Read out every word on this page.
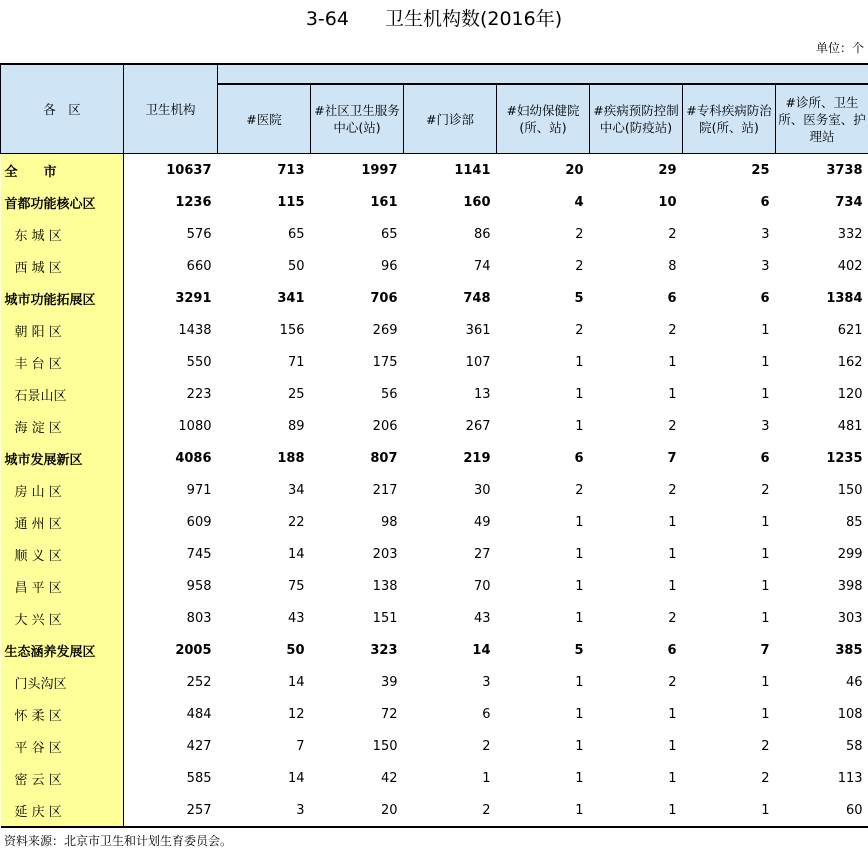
3-64 卫生机构数(2016年)
单位：个
各　区	卫生机构							
		#医院	#社区卫生服务中心(站)	#门诊部	#妇幼保健院(所、站)	#疾病预防控制中心(防疫站)	#专科疾病防治院(所、站)	#诊所、卫生所、医务室、护理站
全　　市	10637	713	1997	1141	20	29	25	3738
首都功能核心区	1236	115	161	160	4	10	6	734
东 城 区	576	65	65	86	2	2	3	332
西 城 区	660	50	96	74	2	8	3	402
城市功能拓展区	3291	341	706	748	5	6	6	1384
朝 阳 区	1438	156	269	361	2	2	1	621
丰 台 区	550	71	175	107	1	1	1	162
石景山区	223	25	56	13	1	1	1	120
海 淀 区	1080	89	206	267	1	2	3	481
城市发展新区	4086	188	807	219	6	7	6	1235
房 山 区	971	34	217	30	2	2	2	150
通 州 区	609	22	98	49	1	1	1	85
顺 义 区	745	14	203	27	1	1	1	299
昌 平 区	958	75	138	70	1	1	1	398
大 兴 区	803	43	151	43	1	2	1	303
生态涵养发展区	2005	50	323	14	5	6	7	385
门头沟区	252	14	39	3	1	2	1	46
怀 柔 区	484	12	72	6	1	1	1	108
平 谷 区	427	7	150	2	1	1	2	58
密 云 区	585	14	42	1	1	1	2	113
延 庆 区	257	3	20	2	1	1	1	60
资料来源：北京市卫生和计划生育委员会。
